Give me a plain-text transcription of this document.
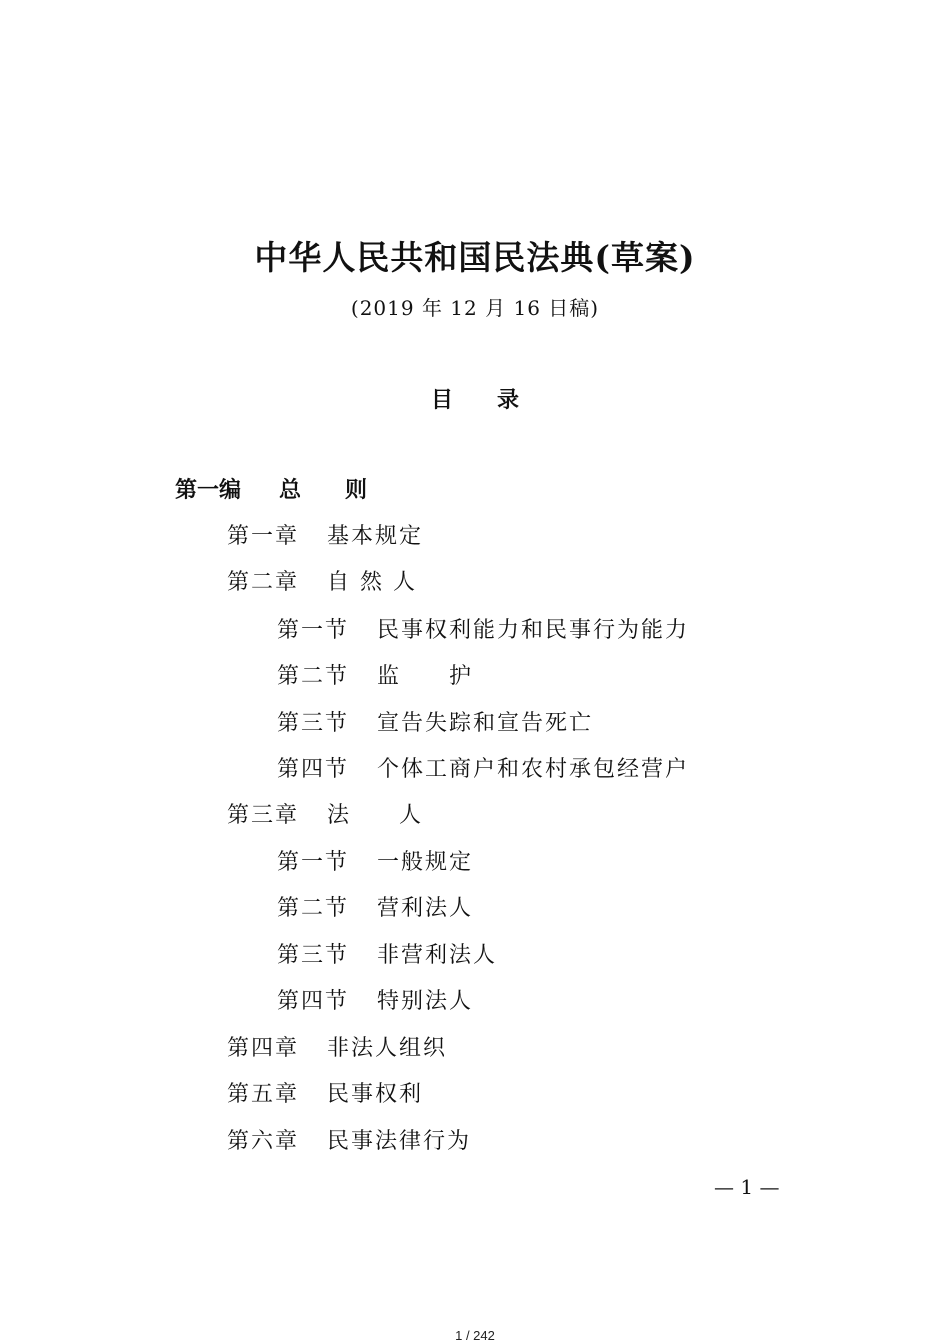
中华人民共和国民法典(草案)
(2019 年 12 月 16 日稿)
目 录
第一编 总　　则
第一章 基本规定
第二章 自 然 人
第一节 民事权利能力和民事行为能力
第二节 监　　护
第三节 宣告失踪和宣告死亡
第四节 个体工商户和农村承包经营户
第三章 法　　人
第一节 一般规定
第二节 营利法人
第三节 非营利法人
第四节 特别法人
第四章 非法人组织
第五章 民事权利
第六章 民事法律行为
— 1 —
1 / 242
